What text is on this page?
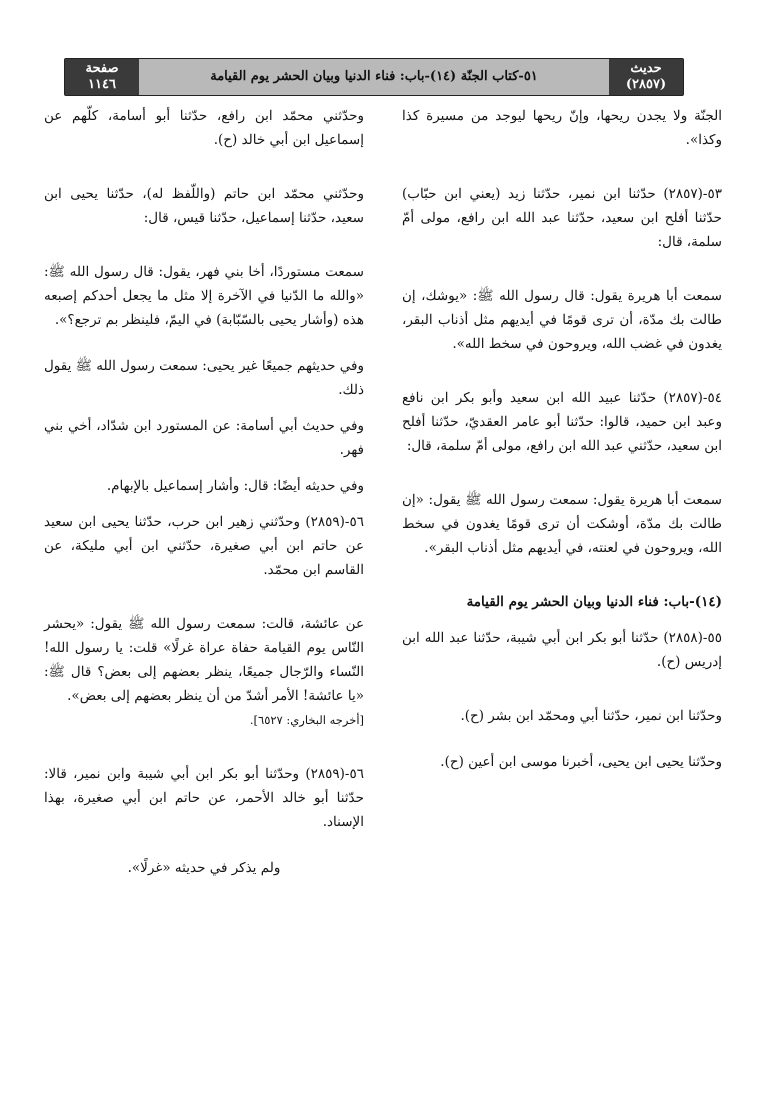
حديث
(٢٨٥٧)
٥١-كتاب الجنّة (١٤)-باب: فناء الدنيا وبيان الحشر يوم القيامة
صفحة
١١٤٦

الجنّة ولا يجدن ريحها، وإنّ ريحها ليوجد من مسيرة كذا وكذا».

٥٣-(٢٨٥٧) حدّثنا ابن نمير، حدّثنا زيد (يعني ابن حبّاب) حدّثنا أفلح ابن سعيد، حدّثنا عبد الله ابن رافع، مولى أمّ سلمة، قال:

سمعت أبا هريرة يقول: قال رسول الله ﷺ: «يوشك، إن طالت بك مدّة، أن ترى قومًا في أيديهم مثل أذناب البقر، يغدون في غضب الله، ويروحون في سخط الله».

٥٤-(٢٨٥٧) حدّثنا عبيد الله ابن سعيد وأبو بكر ابن نافع وعبد ابن حميد، قالوا: حدّثنا أبو عامر العقديّ، حدّثنا أفلح ابن سعيد، حدّثني عبد الله ابن رافع، مولى أمّ سلمة، قال:

سمعت أبا هريرة يقول: سمعت رسول الله ﷺ يقول: «إن طالت بك مدّة، أوشكت أن ترى قومًا يغدون في سخط الله، ويروحون في لعنته، في أيديهم مثل أذناب البقر».

(١٤)-باب: فناء الدنيا وبيان الحشر يوم القيامة

٥٥-(٢٨٥٨) حدّثنا أبو بكر ابن أبي شيبة، حدّثنا عبد الله ابن إدريس (ح).

وحدّثنا ابن نمير، حدّثنا أبي ومحمّد ابن بشر (ح).

وحدّثنا يحيى ابن يحيى، أخبرنا موسى ابن أعين (ح).

وحدّثني محمّد ابن رافع، حدّثنا أبو أسامة، كلّهم عن إسماعيل ابن أبي خالد (ح).

وحدّثني محمّد ابن حاتم (واللّفظ له)، حدّثنا يحيى ابن سعيد، حدّثنا إسماعيل، حدّثنا قيس، قال:

سمعت مستوردًا، أخا بني فهر، يقول: قال رسول الله ﷺ: «والله ما الدّنيا في الآخرة إلا مثل ما يجعل أحدكم إصبعه هذه (وأشار يحيى بالسّبّابة) في اليمّ، فلينظر بم ترجع؟».

وفي حديثهم جميعًا غير يحيى: سمعت رسول الله ﷺ يقول ذلك.

وفي حديث أبي أسامة: عن المستورد ابن شدّاد، أخي بني فهر.

وفي حديثه أيضًا: قال: وأشار إسماعيل بالإبهام.

٥٦-(٢٨٥٩) وحدّثني زهير ابن حرب، حدّثنا يحيى ابن سعيد عن حاتم ابن أبي صغيرة، حدّثني ابن أبي مليكة، عن القاسم ابن محمّد.

عن عائشة، قالت: سمعت رسول الله ﷺ يقول: «يحشر النّاس يوم القيامة حفاة عراة غرلًا» قلت: يا رسول الله! النّساء والرّجال جميعًا، ينظر بعضهم إلى بعض؟ قال ﷺ: «يا عائشة! الأمر أشدّ من أن ينظر بعضهم إلى بعض».

[أخرجه البخاري: ٦٥٢٧].

٥٦-(٢٨٥٩) وحدّثنا أبو بكر ابن أبي شيبة وابن نمير، قالا: حدّثنا أبو خالد الأحمر، عن حاتم ابن أبي صغيرة، بهذا الإسناد.

ولم يذكر في حديثه «غرلًا».
